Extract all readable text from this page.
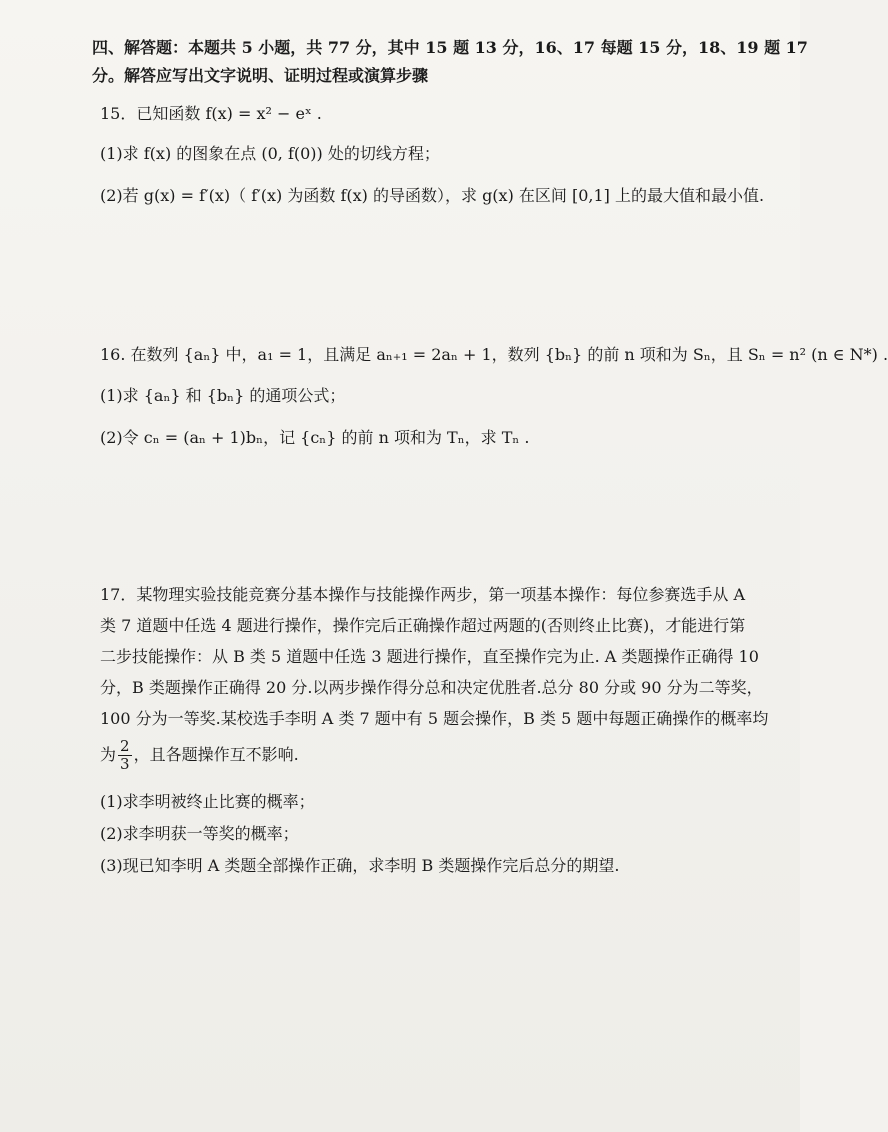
四、解答题：本题共 5 小题，共 77 分，其中 15 题 13 分，16、17 每题 15 分，18、19 题 17
分。解答应写出文字说明、证明过程或演算步骤
15．已知函数 f(x) = x² − eˣ .
(1)求 f(x) 的图象在点 (0, f(0)) 处的切线方程；
(2)若 g(x) = f′(x)（ f′(x) 为函数 f(x) 的导函数），求 g(x) 在区间 [0,1] 上的最大值和最小值.
16. 在数列 {aₙ} 中，a₁ = 1，且满足 aₙ₊₁ = 2aₙ + 1，数列 {bₙ} 的前 n 项和为 Sₙ，且 Sₙ = n² (n ∈ N*) .
(1)求 {aₙ} 和 {bₙ} 的通项公式；
(2)令 cₙ = (aₙ + 1)bₙ，记 {cₙ} 的前 n 项和为 Tₙ，求 Tₙ .
17．某物理实验技能竞赛分基本操作与技能操作两步，第一项基本操作：每位参赛选手从 A
类 7 道题中任选 4 题进行操作，操作完后正确操作超过两题的(否则终止比赛)，才能进行第
二步技能操作：从 B 类 5 道题中任选 3 题进行操作，直至操作完为止. A 类题操作正确得 10
分，B 类题操作正确得 20 分.以两步操作得分总和决定优胜者.总分 80 分或 90 分为二等奖，
100 分为一等奖.某校选手李明 A 类 7 题中有 5 题会操作，B 类 5 题中每题正确操作的概率均
为 $\frac{2}{3}$ ，且各题操作互不影响.
(1)求李明被终止比赛的概率；
(2)求李明获一等奖的概率；
(3)现已知李明 A 类题全部操作正确，求李明 B 类题操作完后总分的期望.
